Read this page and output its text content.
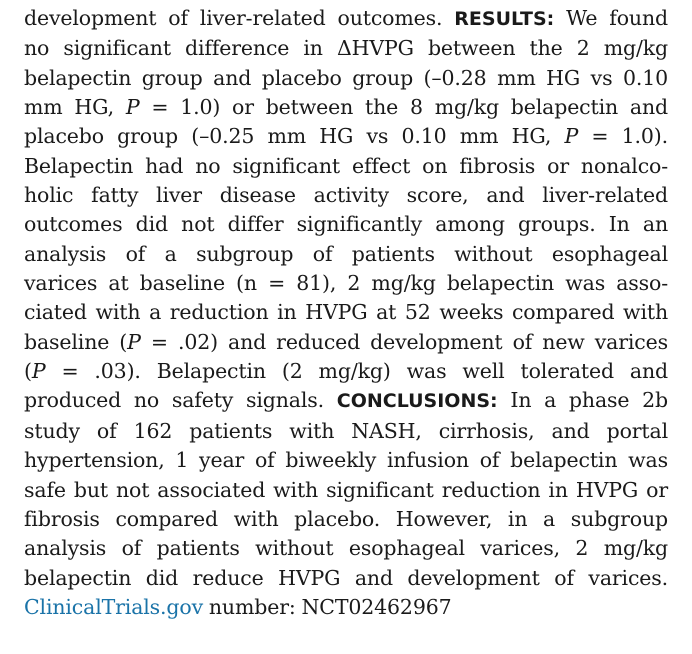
development of liver-related outcomes. RESULTS: We found
no significant difference in ΔHVPG between the 2 mg/kg
belapectin group and placebo group (–0.28 mm HG vs 0.10
mm HG, P = 1.0) or between the 8 mg/kg belapectin and
placebo group (–0.25 mm HG vs 0.10 mm HG, P = 1.0).
Belapectin had no significant effect on fibrosis or nonalco-
holic fatty liver disease activity score, and liver-related
outcomes did not differ significantly among groups. In an
analysis of a subgroup of patients without esophageal
varices at baseline (n = 81), 2 mg/kg belapectin was asso-
ciated with a reduction in HVPG at 52 weeks compared with
baseline (P = .02) and reduced development of new varices
(P = .03). Belapectin (2 mg/kg) was well tolerated and
produced no safety signals. CONCLUSIONS: In a phase 2b
study of 162 patients with NASH, cirrhosis, and portal
hypertension, 1 year of biweekly infusion of belapectin was
safe but not associated with significant reduction in HVPG or
fibrosis compared with placebo. However, in a subgroup
analysis of patients without esophageal varices, 2 mg/kg
belapectin did reduce HVPG and development of varices.
ClinicalTrials.gov number: NCT02462967
